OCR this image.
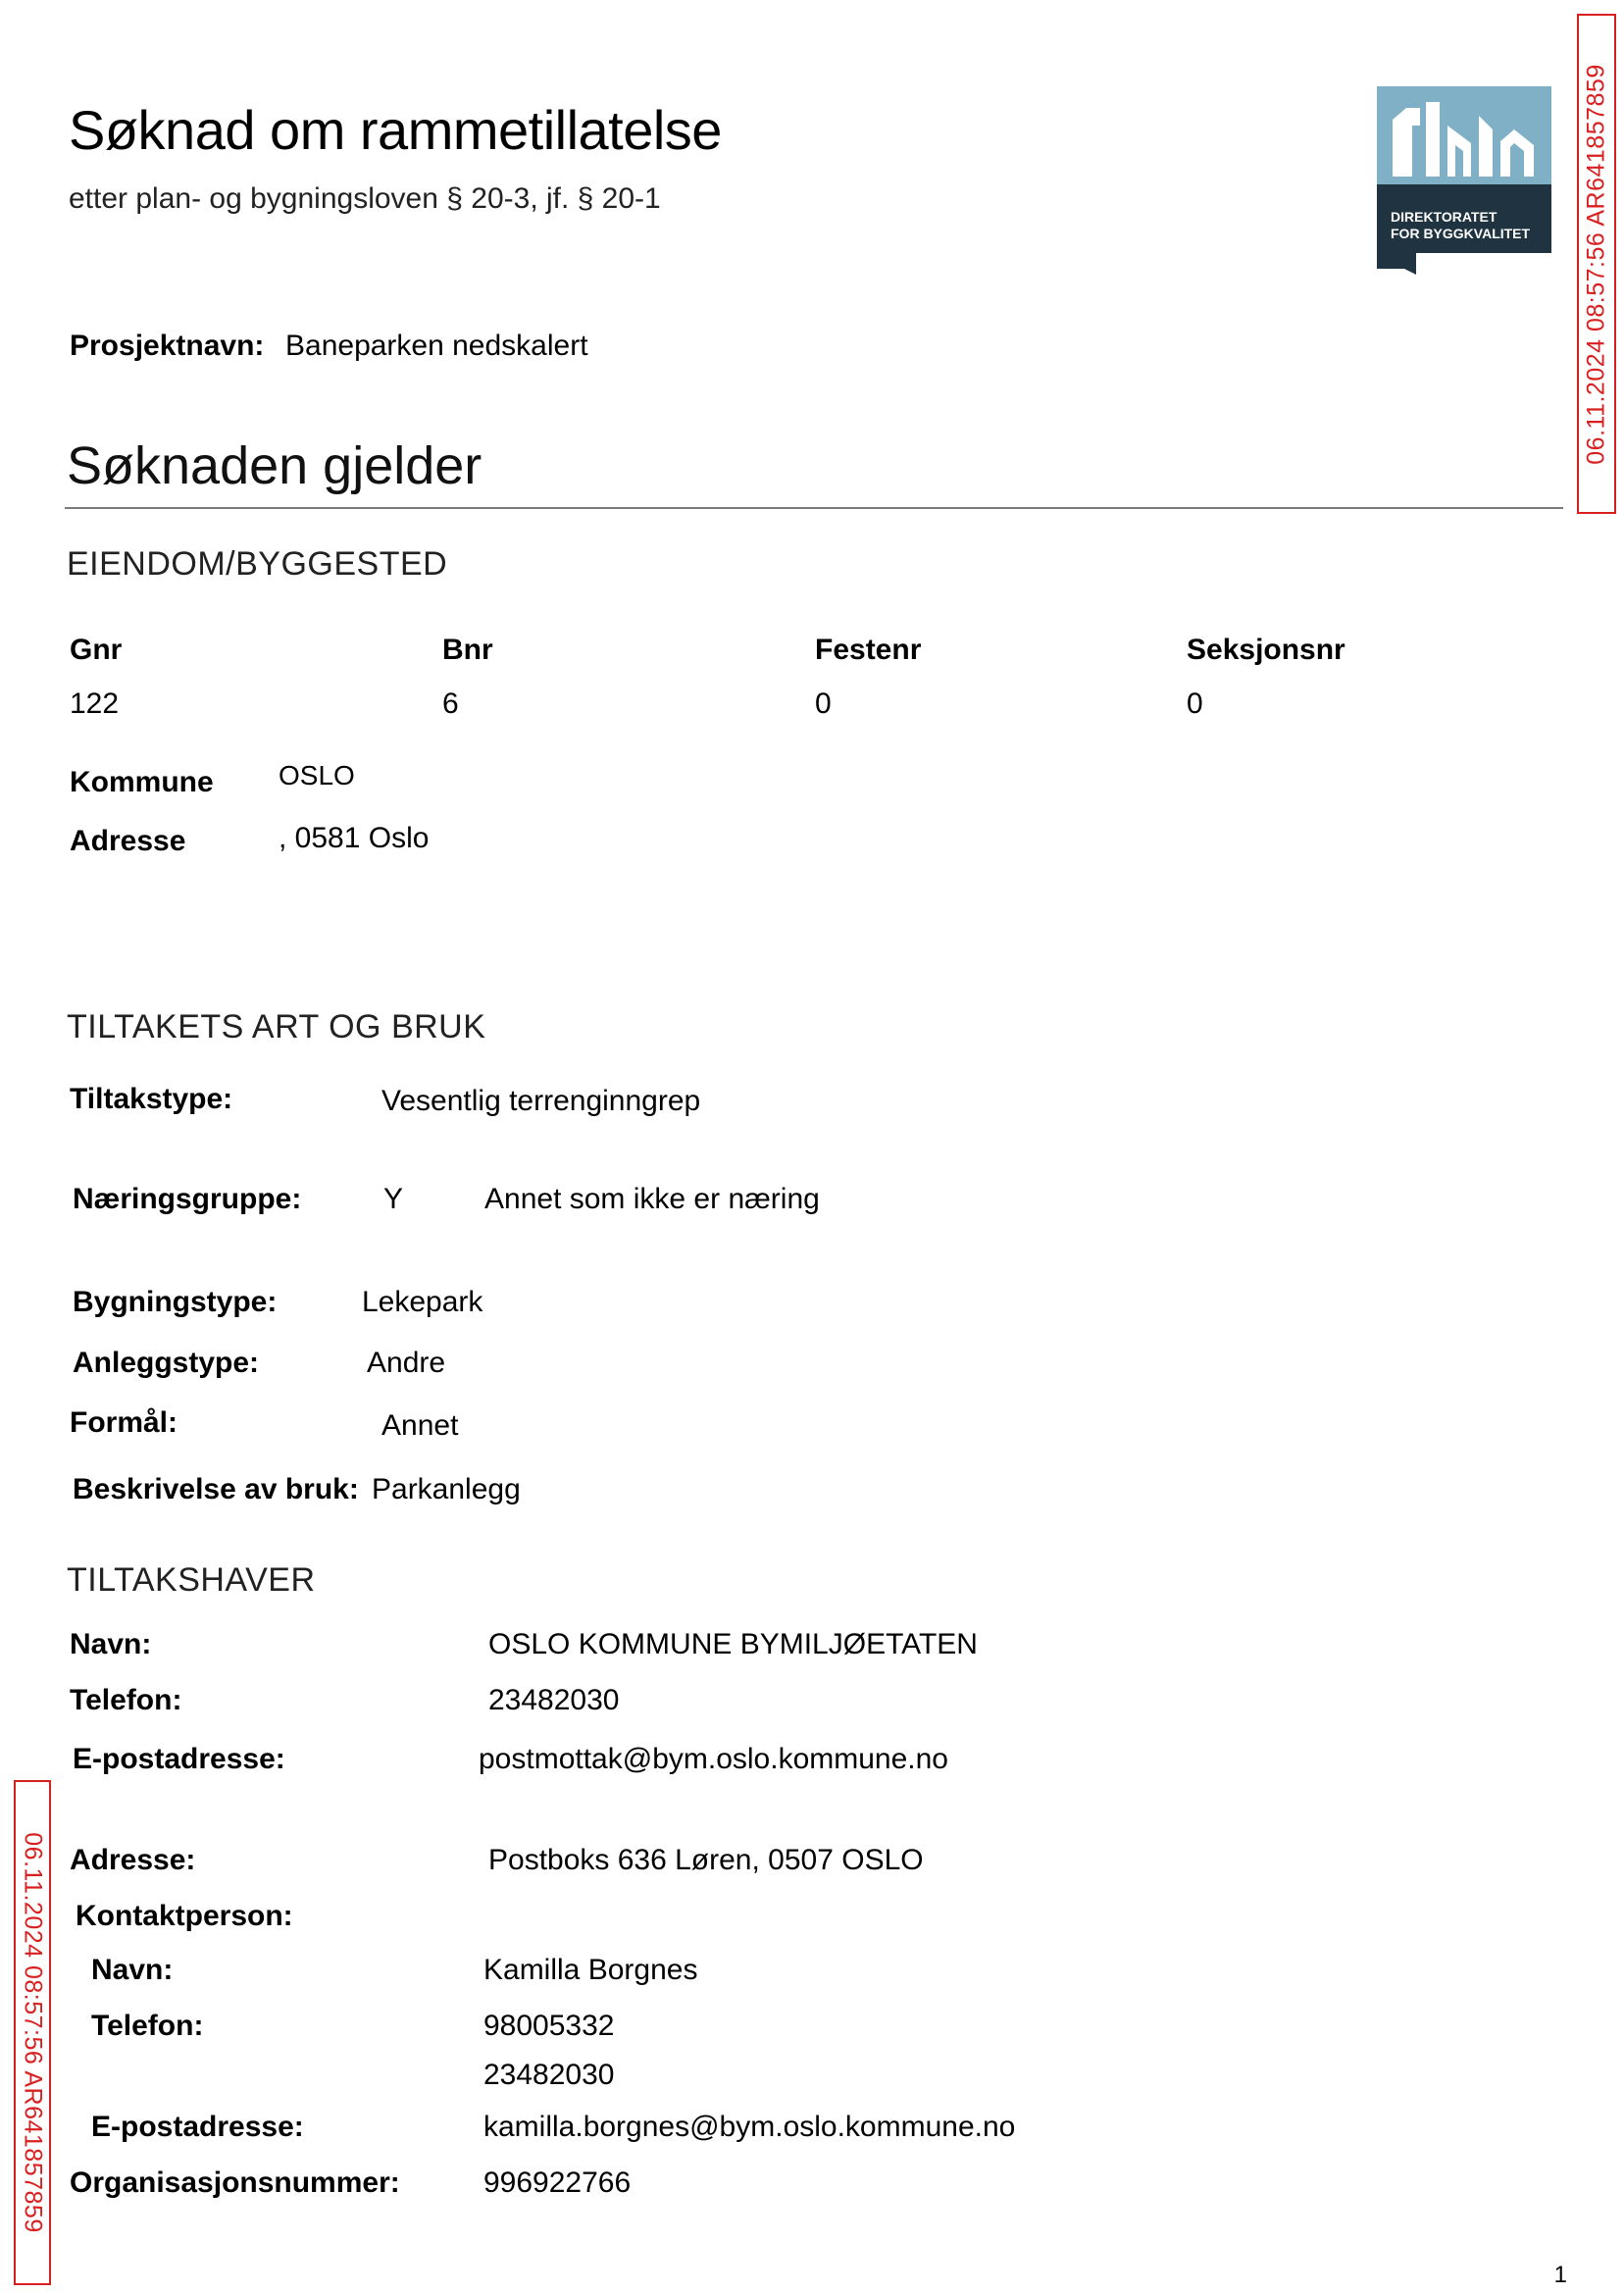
Søknad om rammetillatelse
etter plan- og bygningsloven § 20-3, jf. § 20-1
DIREKTORATET
FOR BYGGKVALITET 06.11.2024 08:57:56 AR641857859
06.11.2024 08:57:56 AR641857859
Prosjektnavn: Baneparken nedskalert
Søknaden gjelder
EIENDOM/BYGGESTED
Gnr	Bnr	Festenr	Seksjonsnr
122	6	0	0
Kommune OSLO
Adresse	, 0581 Oslo
TILTAKETS ART OG BRUK
Tiltakstype:	Vesentlig terrenginngrep
Næringsgruppe:	Y	Annet som ikke er næring
Bygningstype:	Lekepark
Anleggstype:	Andre
Formål:	Annet
Beskrivelse av bruk: Parkanlegg
TILTAKSHAVER
Navn:	OSLO KOMMUNE BYMILJØETATEN
Telefon:	23482030
E-postadresse:	postmottak@bym.oslo.kommune.no
Adresse:	Postboks 636 Løren, 0507 OSLO
Kontaktperson:
Navn:	Kamilla Borgnes
Telefon:	98005332
23482030
E-postadresse:	kamilla.borgnes@bym.oslo.kommune.no
Organisasjonsnummer:	996922766
1
